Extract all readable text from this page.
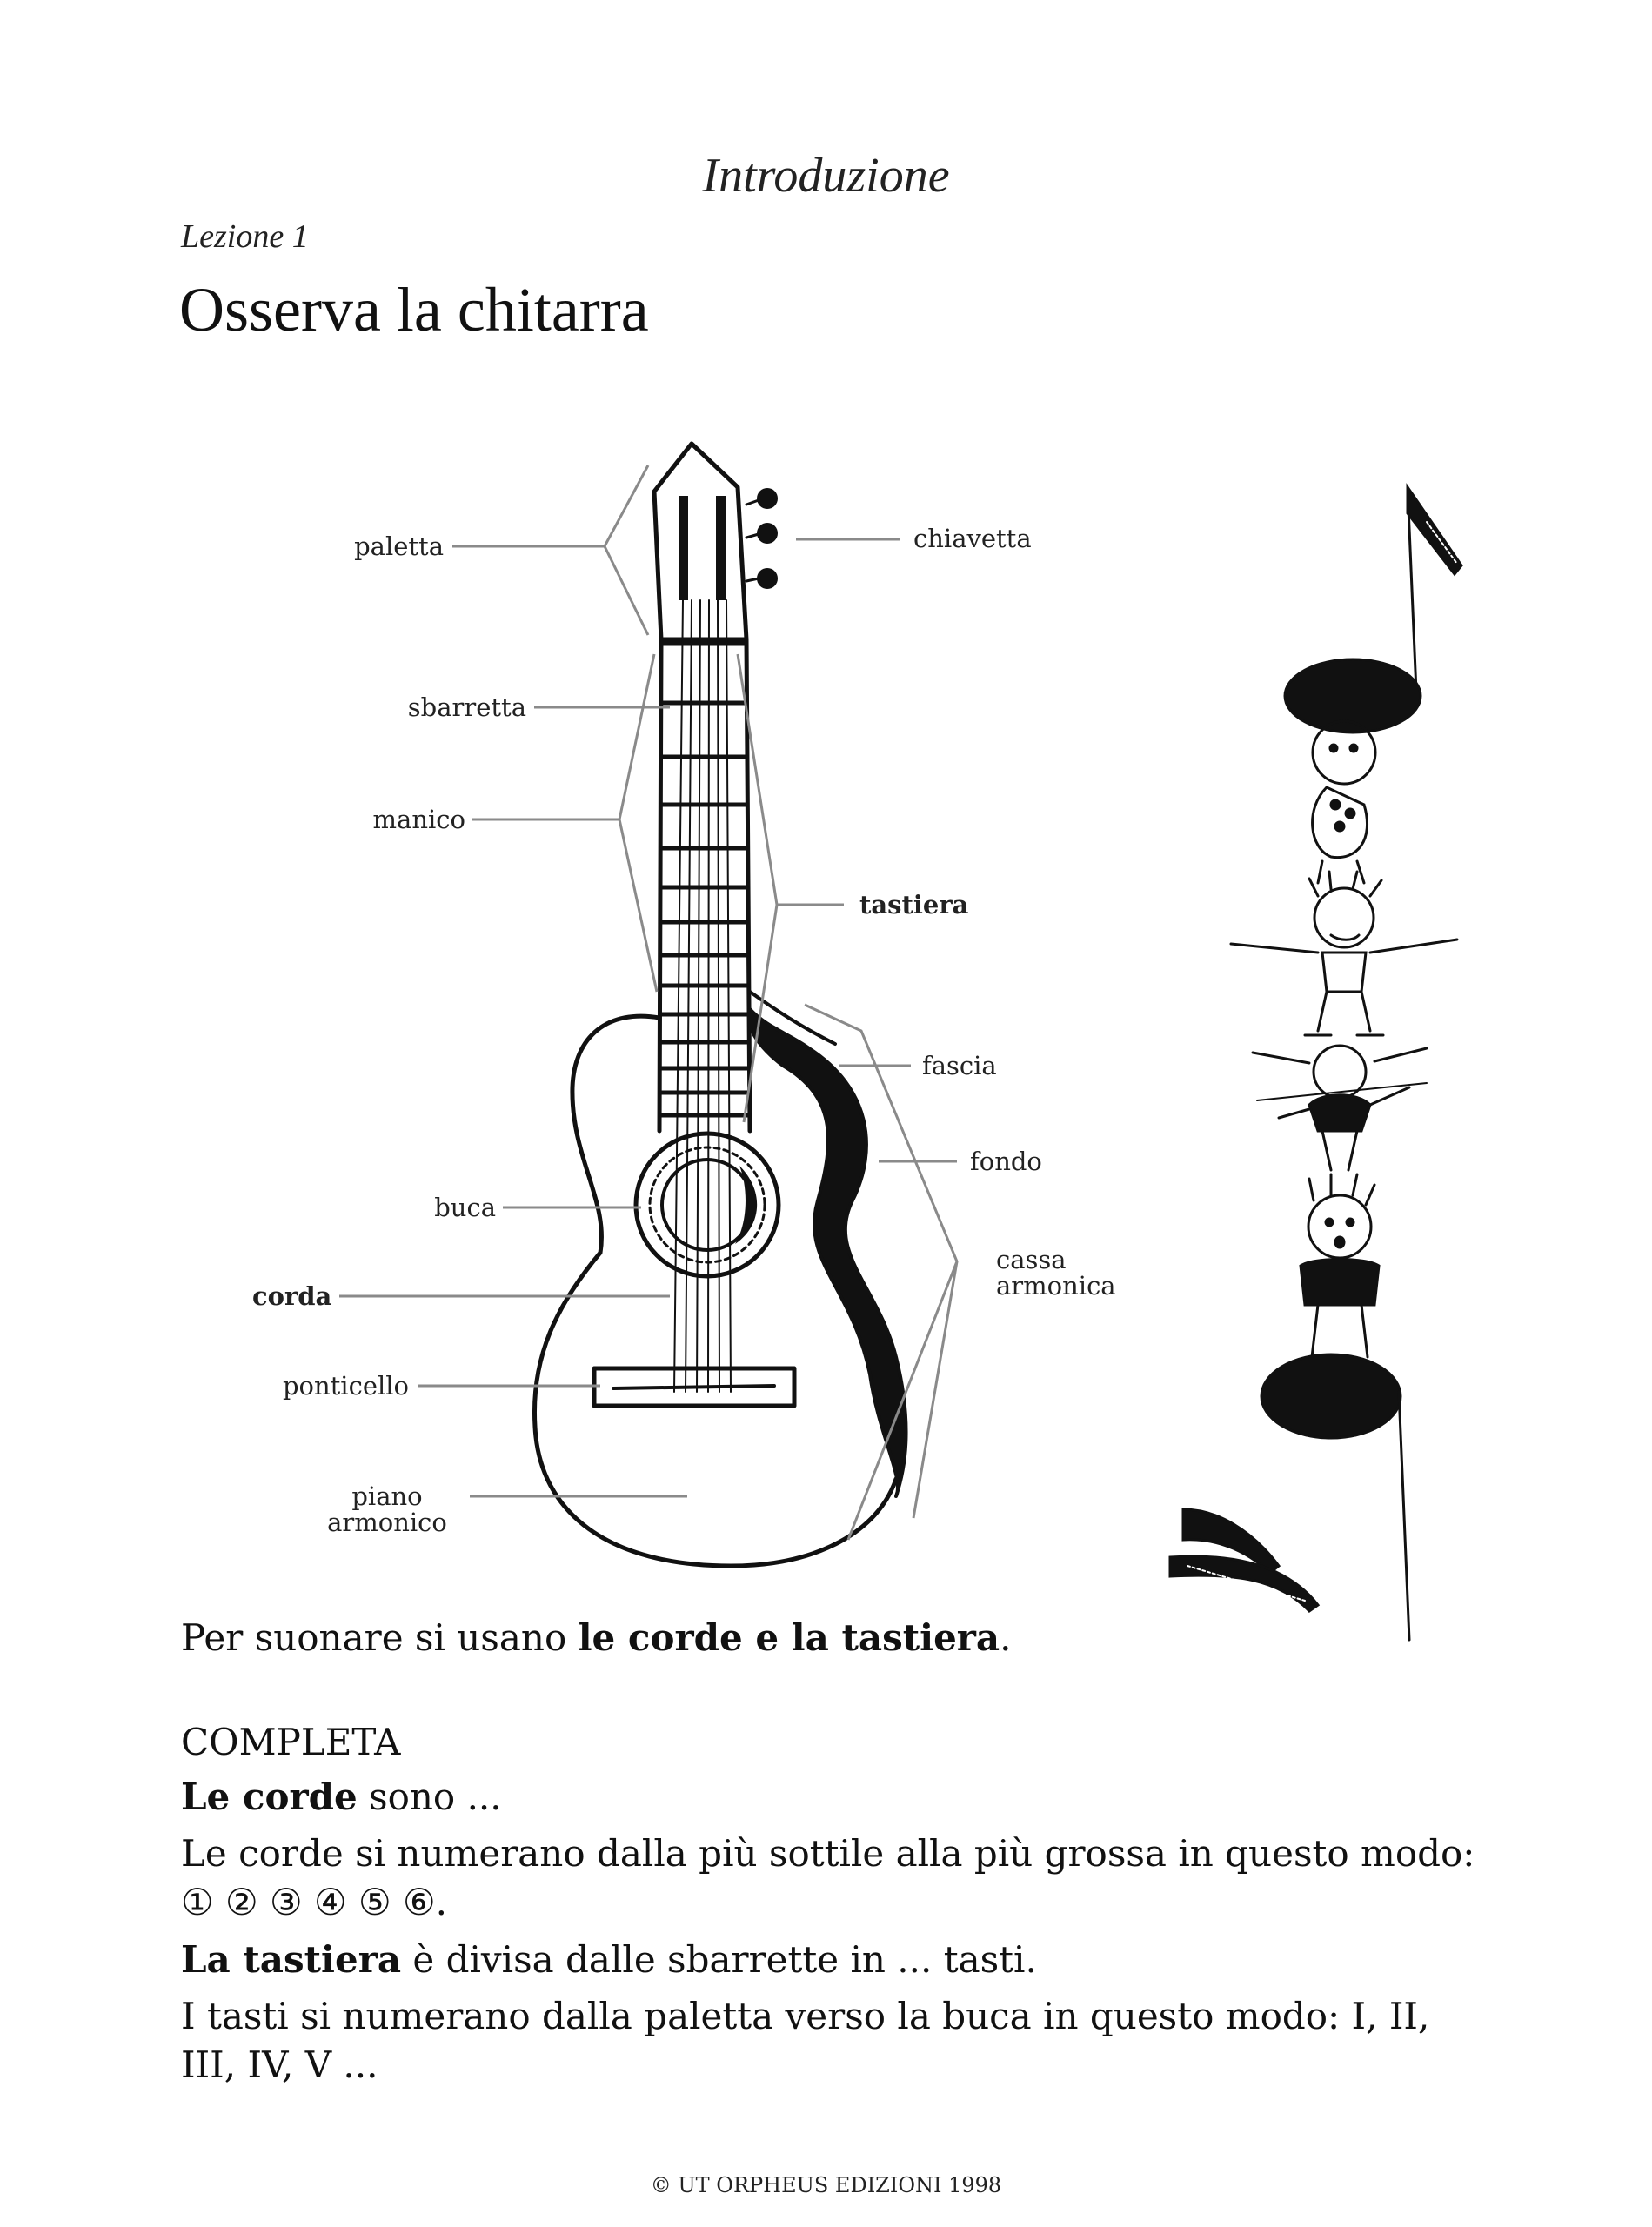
Introduzione
Lezione 1
Osserva la chitarra
paletta	chiavetta
sbarretta
manico
tastiera
fascia
fondo
buca
cassa
armonica
corda
ponticello
piano
armonico
Per suonare si usano le corde e la tastiera.
COMPLETA
Le corde sono ...
Le corde si numerano dalla più sottile alla più grossa in questo modo: ① ② ③ ④ ⑤ ⑥.
La tastiera è divisa dalle sbarrette in ... tasti.
I tasti si numerano dalla paletta verso la buca in questo modo: I, II, III, IV, V ...
© UT ORPHEUS EDIZIONI 1998
